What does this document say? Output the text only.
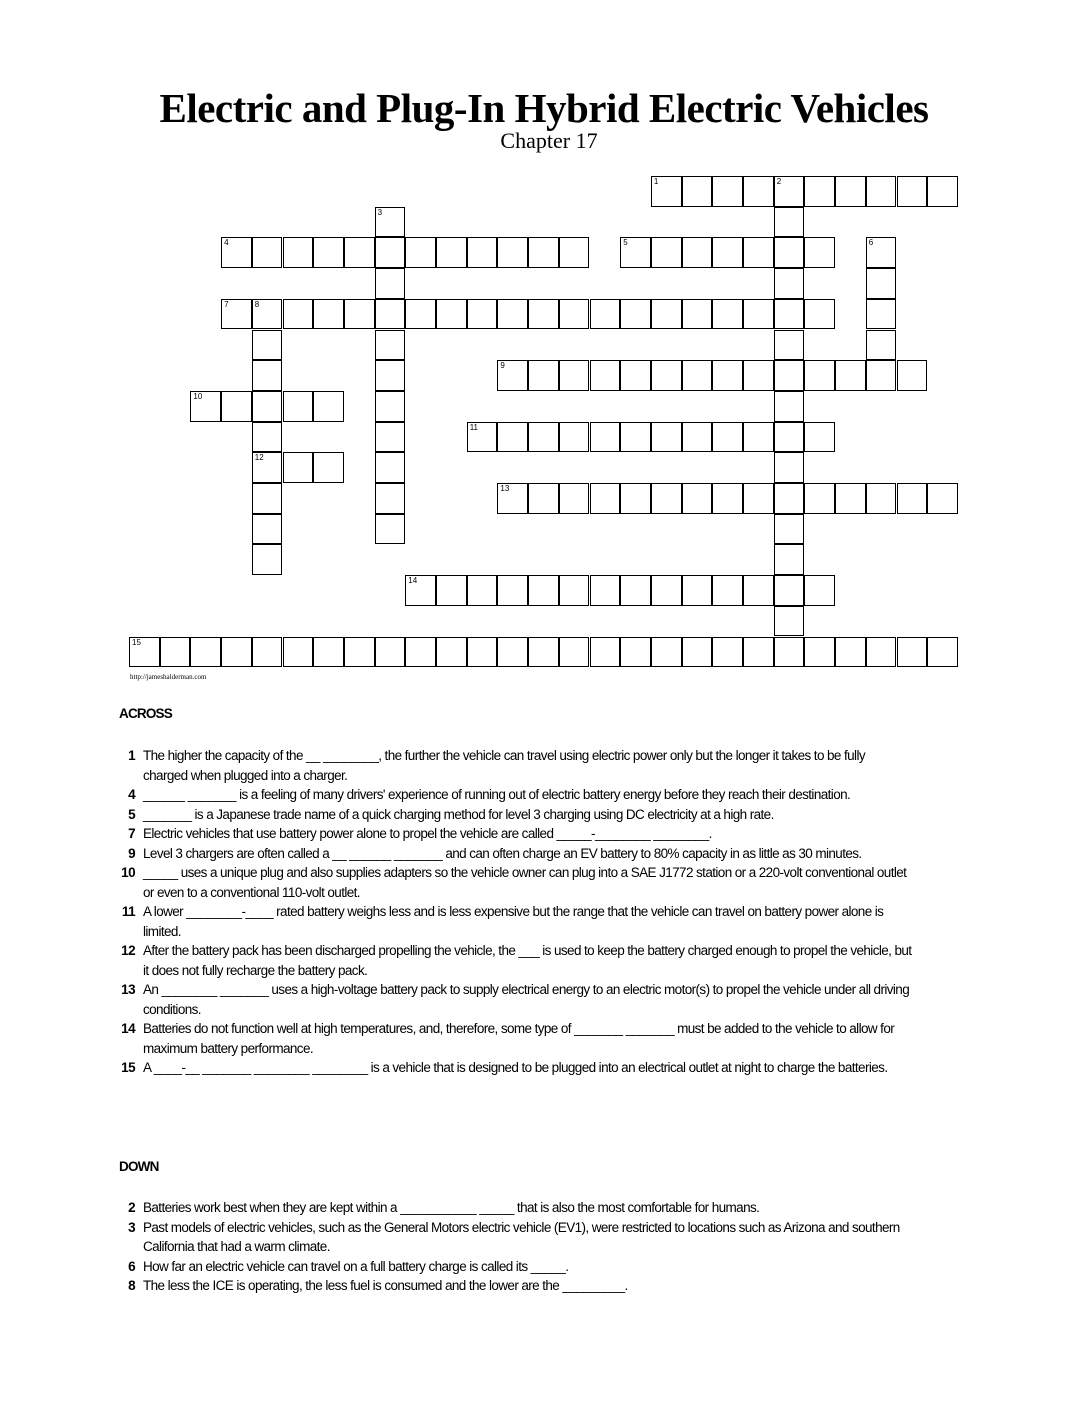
Electric and Plug-In Hybrid Electric Vehicles
Chapter 17
1	2
3
4	5	6
7	8
12
9
10
11
13
14
15
http://jameshalderman.com
ACROSS
1 The higher the capacity of the __ ________, the further the vehicle can travel using electric power only but the longer it takes to be fully charged when plugged into a charger.
4 ______ _______ is a feeling of many drivers' experience of running out of electric battery energy before they reach their destination.
5 _______ is a Japanese trade name of a quick charging method for level 3 charging using DC electricity at a high rate.
7 Electric vehicles that use battery power alone to propel the vehicle are called _____-________ ________.
9 Level 3 chargers are often called a __ ______ _______ and can often charge an EV battery to 80% capacity in as little as 30 minutes.
10 _____ uses a unique plug and also supplies adapters so the vehicle owner can plug into a SAE J1772 station or a 220-volt conventional outlet or even to a conventional 110-volt outlet.
11 A lower ________-____ rated battery weighs less and is less expensive but the range that the vehicle can travel on battery power alone is limited.
12 After the battery pack has been discharged propelling the vehicle, the ___ is used to keep the battery charged enough to propel the vehicle, but it does not fully recharge the battery pack.
13 An ________ _______ uses a high-voltage battery pack to supply electrical energy to an electric motor(s) to propel the vehicle under all driving conditions.
14 Batteries do not function well at high temperatures, and, therefore, some type of _______ _______ must be added to the vehicle to allow for maximum battery performance.
15 A ____-__ _______ ________ ________ is a vehicle that is designed to be plugged into an electrical outlet at night to charge the batteries.
DOWN
2 Batteries work best when they are kept within a ___________ _____ that is also the most comfortable for humans.
3 Past models of electric vehicles, such as the General Motors electric vehicle (EV1), were restricted to locations such as Arizona and southern California that had a warm climate.
6 How far an electric vehicle can travel on a full battery charge is called its _____.
8 The less the ICE is operating, the less fuel is consumed and the lower are the _________.
